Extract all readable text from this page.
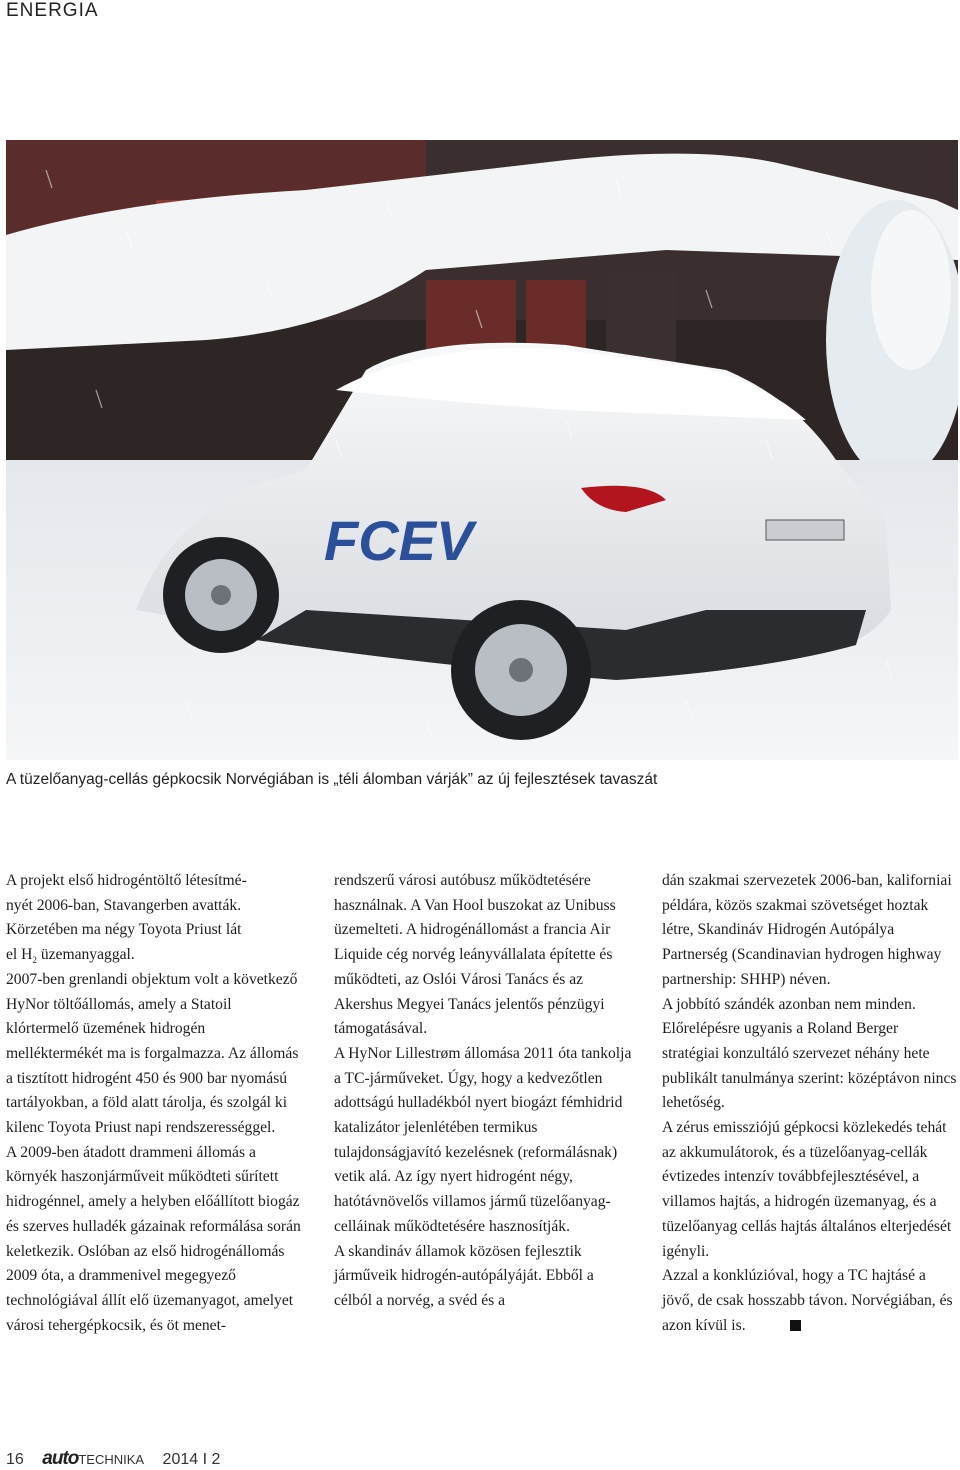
ENERGIA
FCEV
A tüzelőanyag-cellás gépkocsik Norvégiában is „téli álomban várják” az új fejlesztések tavaszát

A projekt első hidrogéntöltő létesítmé-
nyét 2006-ban, Stavangerben avatták.
Körzetében ma négy Toyota Priust lát
el $H_2$ üzemanyaggal.

2007-ben grenlandi objektum volt a következő HyNor töltőállomás, amely a Statoil klórtermelő üzemének hidrogén melléktermékét ma is forgalmazza. Az állomás a tisztított hidrogént 450 és 900 bar nyomású tartályokban, a föld alatt tárolja, és szolgál ki kilenc Toyota Priust napi rendszerességgel.

A 2009-ben átadott drammeni állomás a környék haszonjárműveit működteti sűrített hidrogénnel, amely a helyben előállított biogáz és szerves hulladék gázainak reformálása során keletkezik. Oslóban az első hidrogénállomás 2009 óta, a drammenivel megegyező technológiával állít elő üzemanyagot, amelyet városi tehergépkocsik, és öt menet-

rendszerű városi autóbusz működtetésére használnak. A Van Hool buszokat az Unibuss üzemelteti. A hidrogénállomást a francia Air Liquide cég norvég leányvállalata építette és működteti, az Oslói Városi Tanács és az Akershus Megyei Tanács jelentős pénzügyi támogatásával.

A HyNor Lillestrøm állomása 2011 óta tankolja a TC-járműveket. Úgy, hogy a kedvezőtlen adottságú hulladékból nyert biogázt fémhidrid katalizátor jelenlétében termikus tulajdonságjavító kezelésnek (reformálásnak) vetik alá. Az így nyert hidrogént négy, hatótávnövelős villamos jármű tüzelőanyag-celláinak működtetésére hasznosítják.

A skandináv államok közösen fejlesztik járműveik hidrogén-autópályáját. Ebből a célból a norvég, a svéd és a

dán szakmai szervezetek 2006-ban, kaliforniai példára, közös szakmai szövetséget hoztak létre, Skandináv Hidrogén Autópálya Partnerség (Scandinavian hydrogen highway partnership: SHHP) néven.

A jobbító szándék azonban nem minden. Előrelépésre ugyanis a Roland Berger stratégiai konzultáló szervezet néhány hete publikált tanulmánya szerint: középtávon nincs lehetőség.

A zérus emissziójú gépkocsi közlekedés tehát az akkumulátorok, és a tüzelőanyag-cellák évtizedes intenzív továbbfejlesztésével, a villamos hajtás, a hidrogén üzemanyag, és a tüzelőanyag cellás hajtás általános elterjedését igényli.

Azzal a konklúzióval, hogy a TC hajtásé a jövő, de csak hosszabb távon. Norvégiában, és azon kívül is.

16 autoTECHNIKA 2014 I 2
